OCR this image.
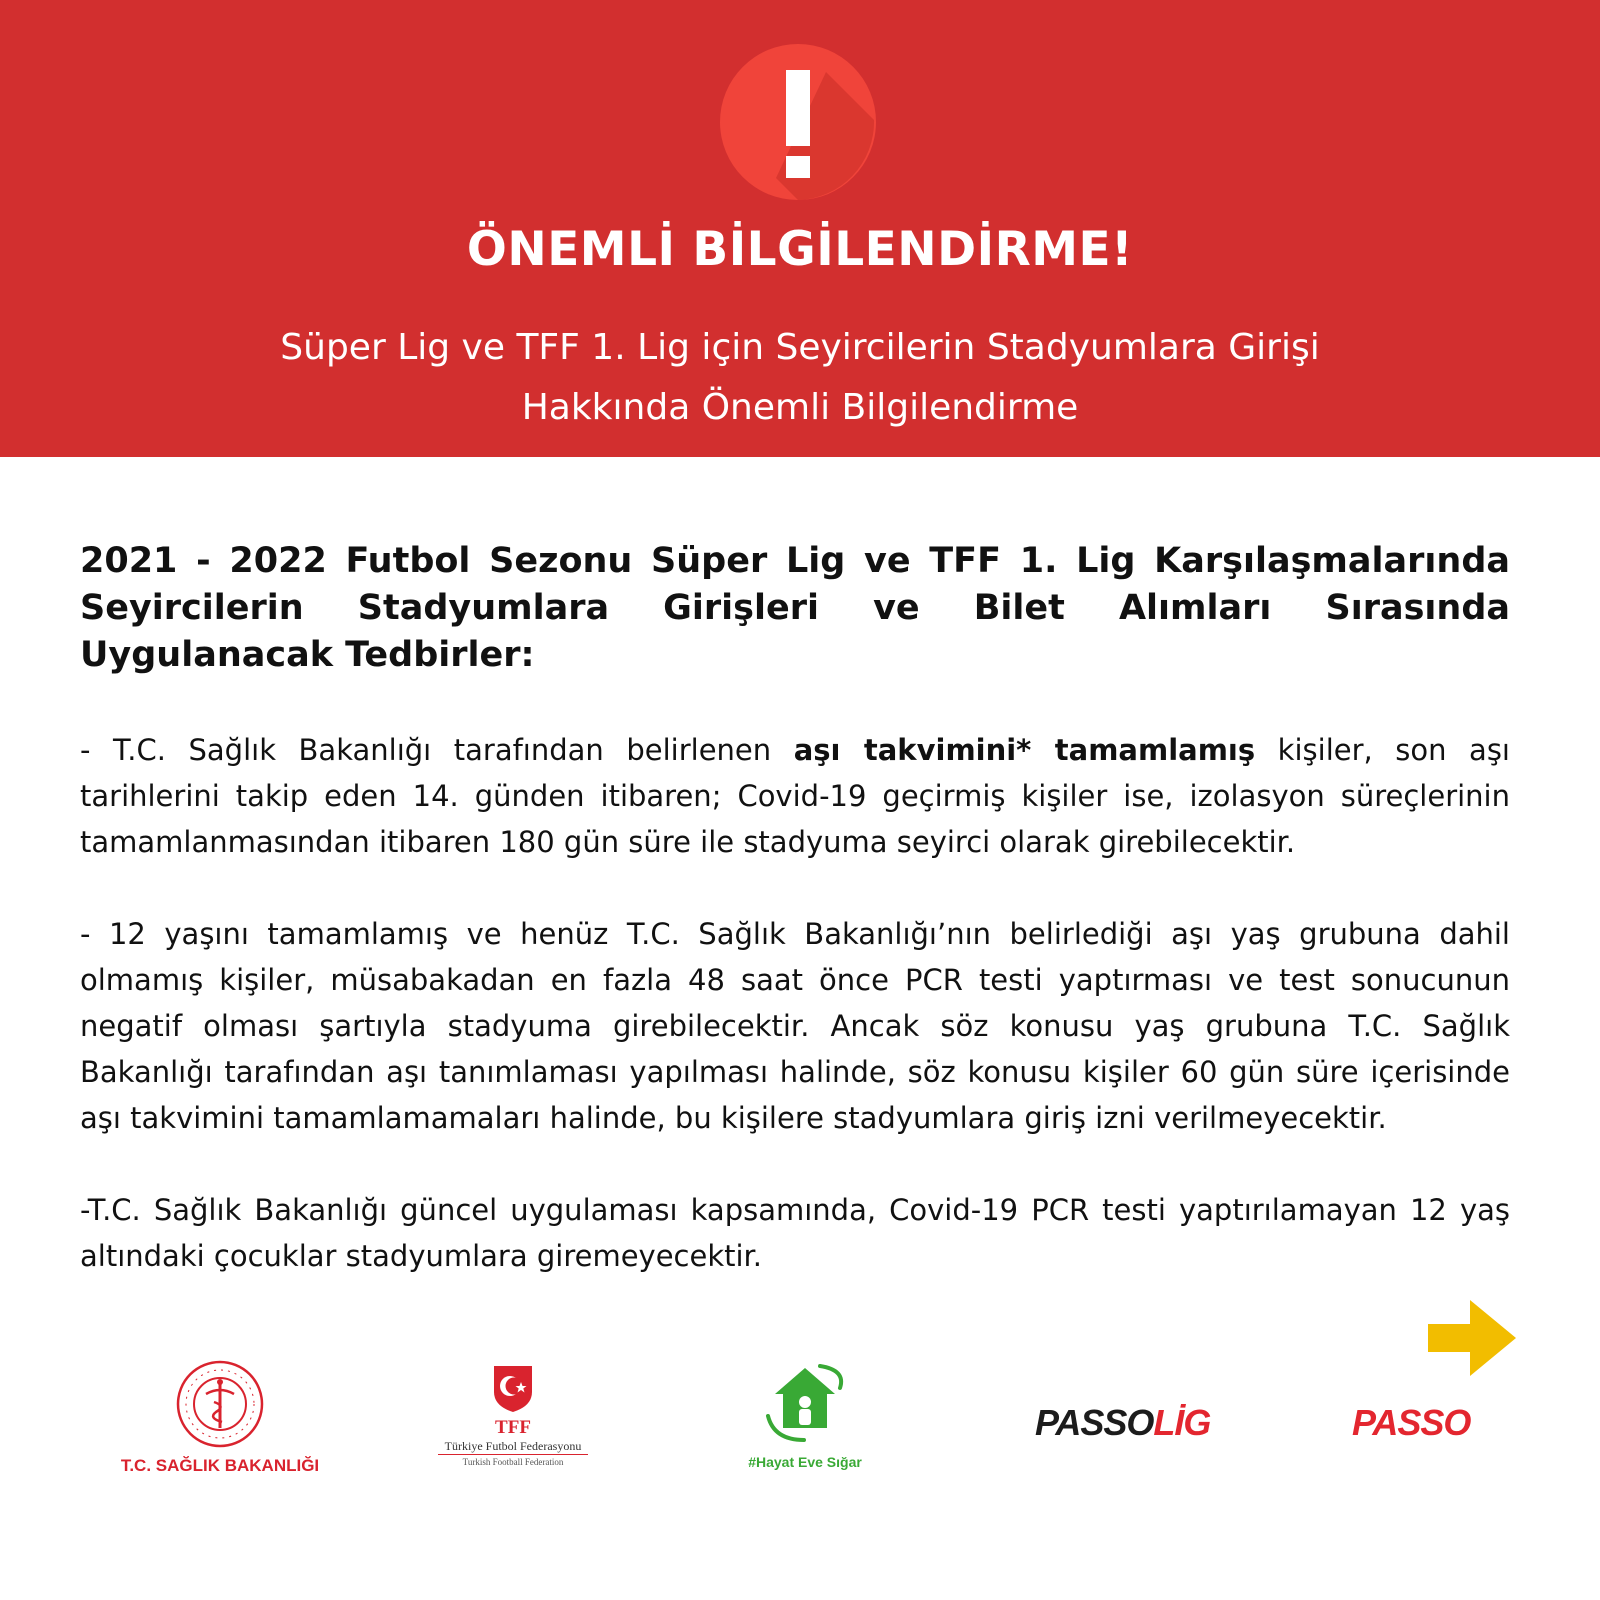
ÖNEMLİ BİLGİLENDİRME!
Süper Lig ve TFF 1. Lig için Seyircilerin Stadyumlara Girişi
Hakkında Önemli Bilgilendirme
2021 - 2022 Futbol Sezonu Süper Lig ve TFF 1. Lig Karşılaşmalarında Seyircilerin Stadyumlara Girişleri ve Bilet Alımları Sırasında Uygulanacak Tedbirler:

- T.C. Sağlık Bakanlığı tarafından belirlenen aşı takvimini* tamamlamış kişiler, son aşı tarihlerini takip eden 14. günden itibaren; Covid-19 geçirmiş kişiler ise, izolasyon süreçlerinin tamamlanmasından itibaren 180 gün süre ile stadyuma seyirci olarak girebilecektir.

- 12 yaşını tamamlamış ve henüz T.C. Sağlık Bakanlığı’nın belirlediği aşı yaş grubuna dahil olmamış kişiler, müsabakadan en fazla 48 saat önce PCR testi yaptırması ve test sonucunun negatif olması şartıyla stadyuma girebilecektir. Ancak söz konusu yaş grubuna T.C. Sağlık Bakanlığı tarafından aşı tanımlaması yapılması halinde, söz konusu kişiler 60 gün süre içerisinde aşı takvimini tamamlamamaları halinde, bu kişilere stadyumlara giriş izni verilmeyecektir.

-T.C. Sağlık Bakanlığı güncel uygulaması kapsamında, Covid-19 PCR testi yaptırılamayan 12 yaş altındaki çocuklar stadyumlara giremeyecektir.

T.C. SAĞLIK BAKANLIĞI
TFF
Türkiye Futbol Federasyonu
Turkish Football Federation	#Hayat Eve Sığar
PASSOLİG	PASSO
